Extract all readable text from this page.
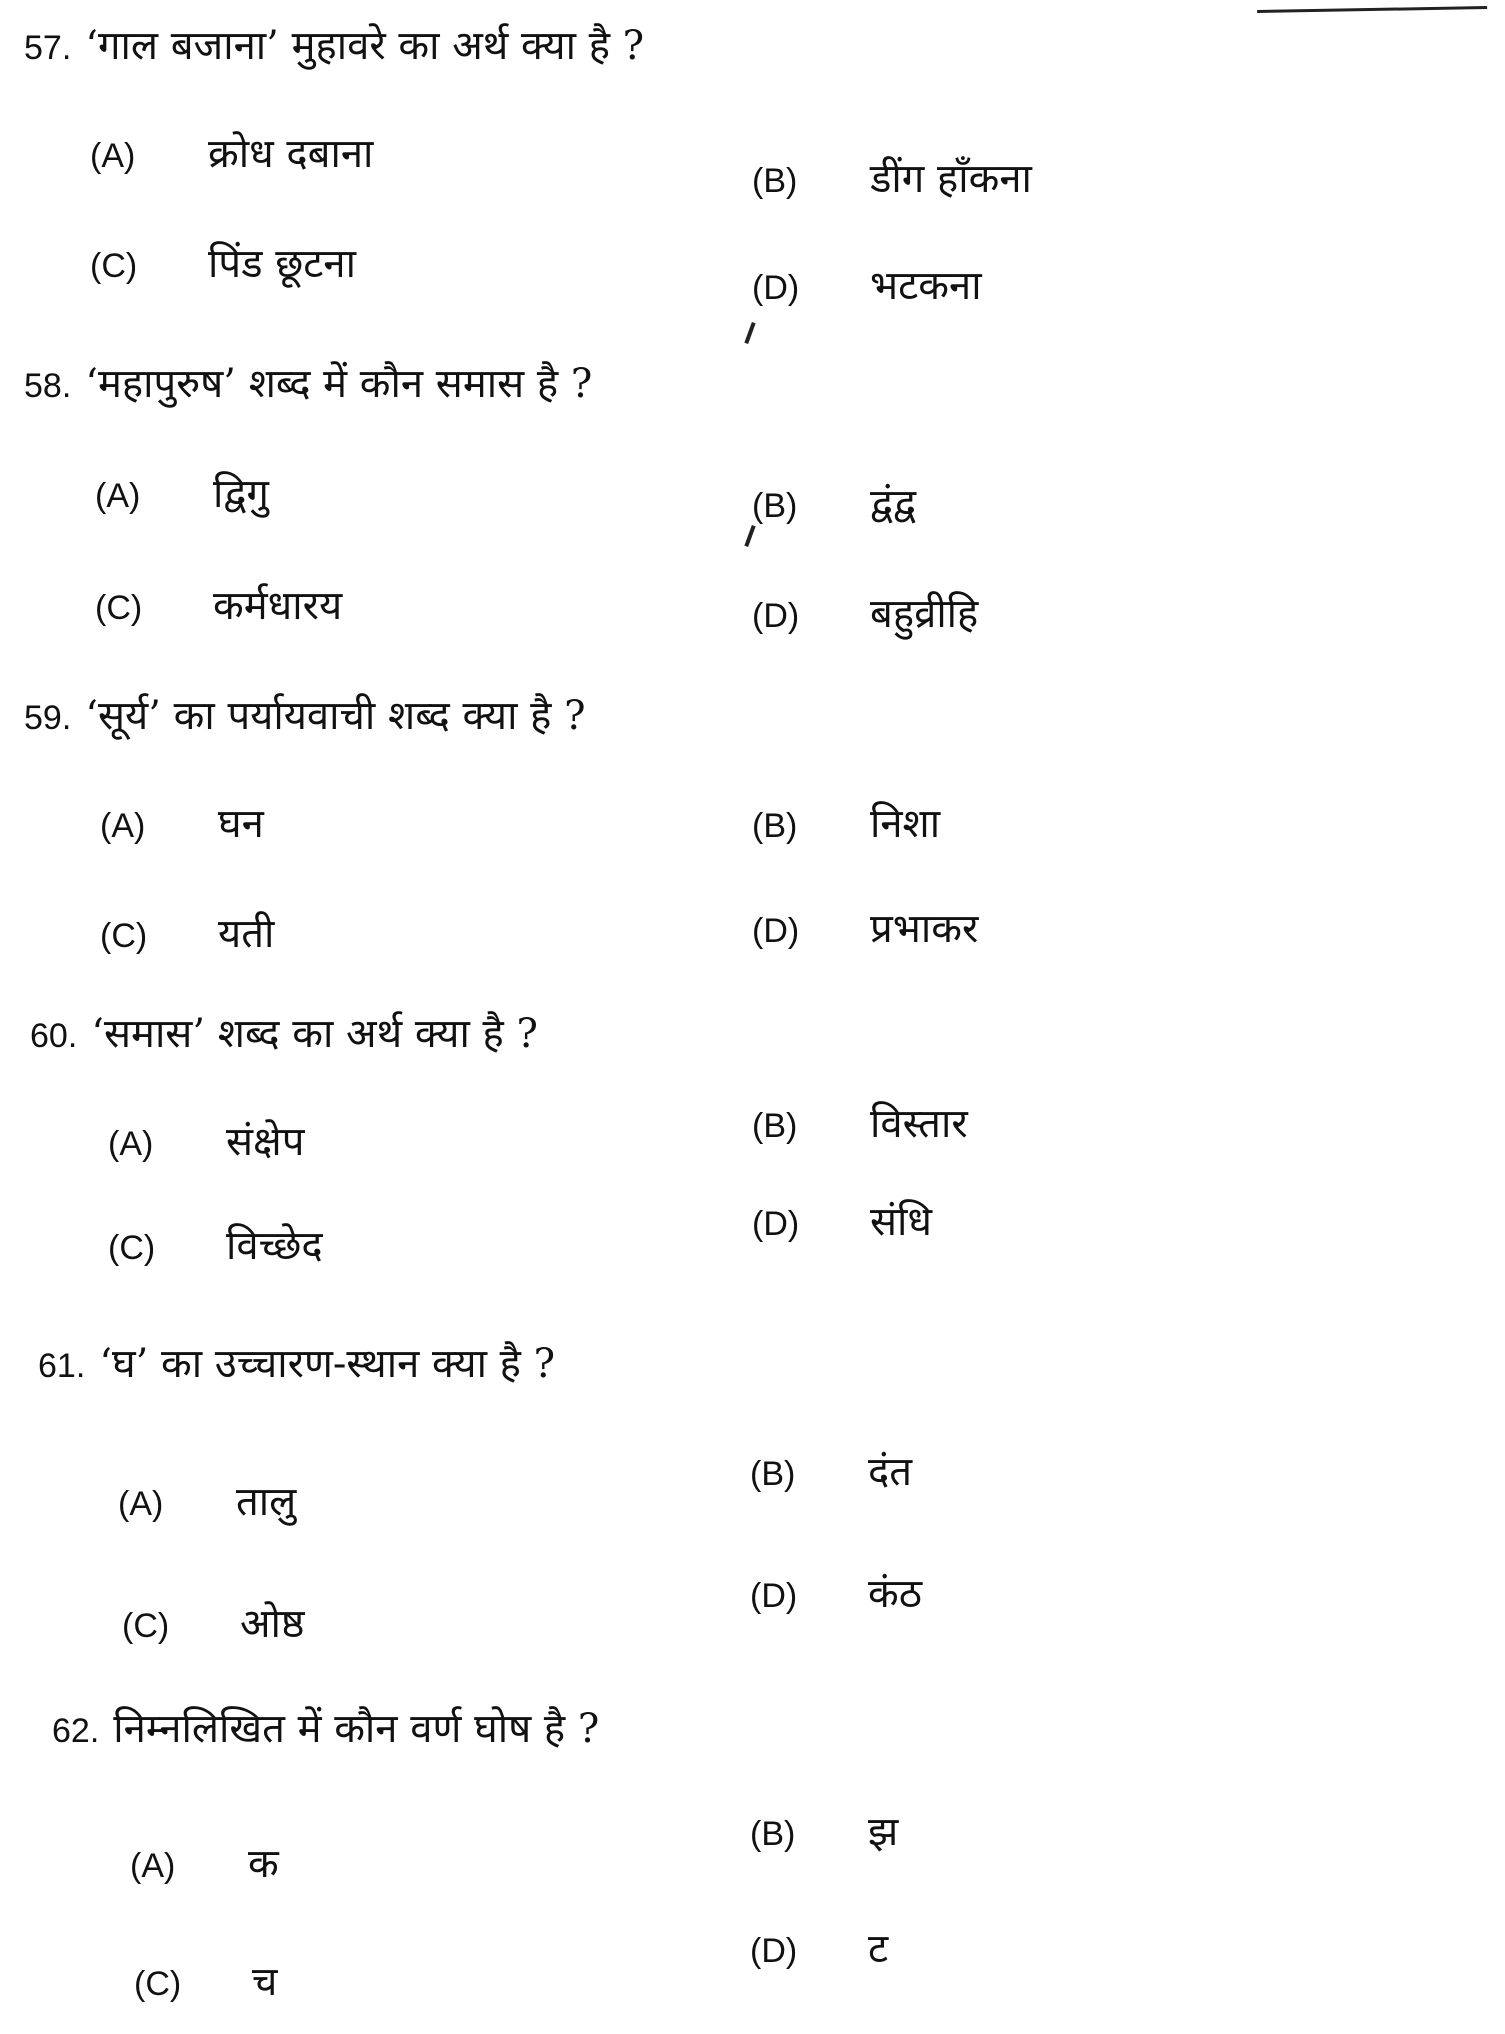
57. ‘गाल बजाना’ मुहावरे का अर्थ क्या है ?
(A) क्रोध दबाना
(B) डींग हाँकना
(C) पिंड छूटना
(D) भटकना
58. ‘महापुरुष’ शब्द में कौन समास है ?
(A) द्विगु	(B) द्वंद्व
(C) कर्मधारय	(D) बहुव्रीहि
59. ‘सूर्य’ का पर्यायवाची शब्द क्या है ?
(A) घन	(B) निशा
(C) यती	(D) प्रभाकर
60. ‘समास’ शब्द का अर्थ क्या है ?
(A) संक्षेप	(B) विस्तार
(C) विच्छेद	(D) संधि
61. ‘घ’ का उच्चारण-स्थान क्या है ?
(A) तालु
(B) दंत
(C) ओष्ठ
(D) कंठ
62. निम्नलिखित में कौन वर्ण घोष है ?
(A) क
(B) झ
(C) च
(D) ट
